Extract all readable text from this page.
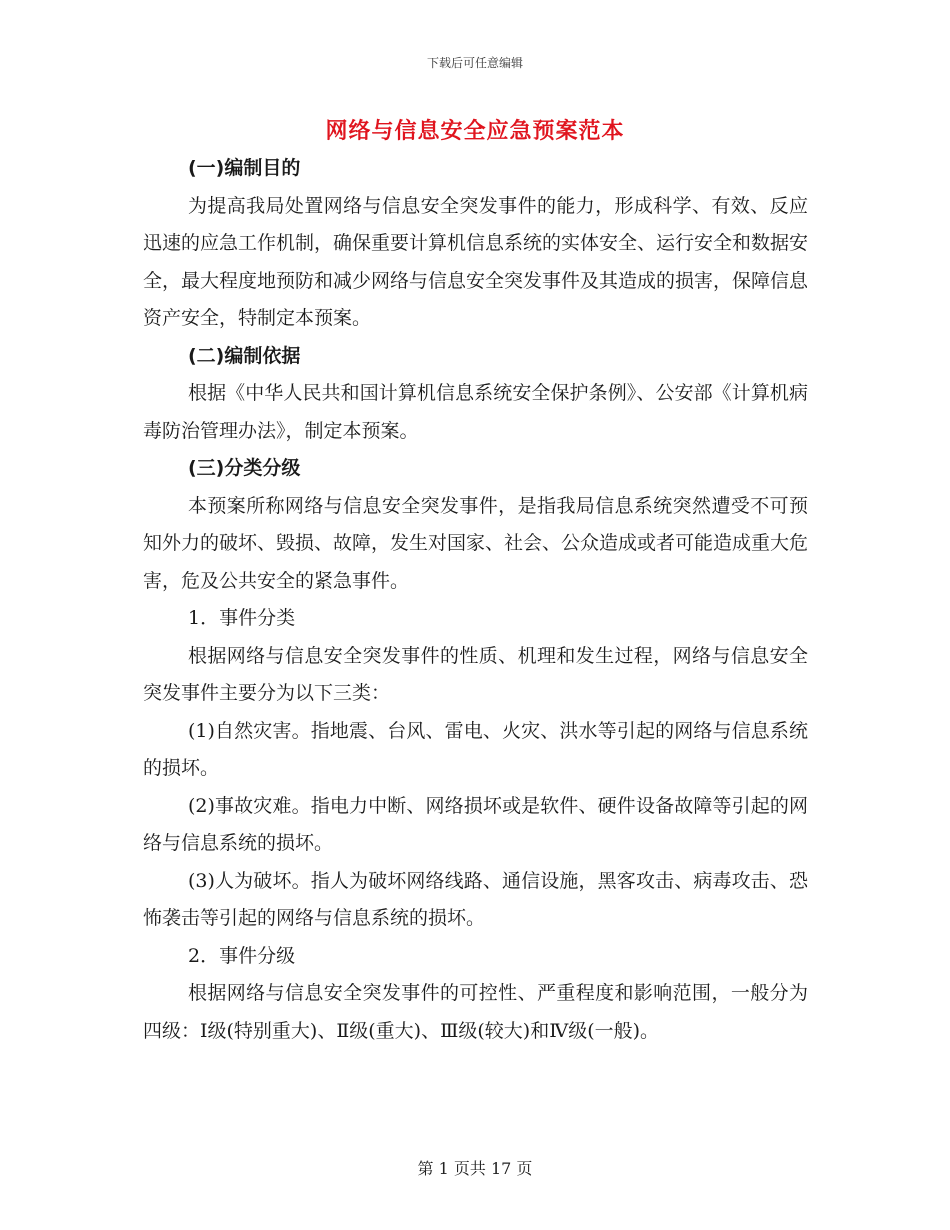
下载后可任意编辑
网络与信息安全应急预案范本

(一)编制目的

为提高我局处置网络与信息安全突发事件的能力，形成科学、有效、反应迅速的应急工作机制，确保重要计算机信息系统的实体安全、运行安全和数据安全，最大程度地预防和减少网络与信息安全突发事件及其造成的损害，保障信息资产安全，特制定本预案。

(二)编制依据

根据《中华人民共和国计算机信息系统安全保护条例》、公安部《计算机病毒防治管理办法》，制定本预案。

(三)分类分级

本预案所称网络与信息安全突发事件，是指我局信息系统突然遭受不可预知外力的破坏、毁损、故障，发生对国家、社会、公众造成或者可能造成重大危害，危及公共安全的紧急事件。

1．事件分类

根据网络与信息安全突发事件的性质、机理和发生过程，网络与信息安全突发事件主要分为以下三类：

(1)自然灾害。指地震、台风、雷电、火灾、洪水等引起的网络与信息系统的损坏。

(2)事故灾难。指电力中断、网络损坏或是软件、硬件设备故障等引起的网络与信息系统的损坏。

(3)人为破坏。指人为破坏网络线路、通信设施，黑客攻击、病毒攻击、恐怖袭击等引起的网络与信息系统的损坏。

2．事件分级

根据网络与信息安全突发事件的可控性、严重程度和影响范围，一般分为四级：Ⅰ级(特别重大)、Ⅱ级(重大)、Ⅲ级(较大)和Ⅳ级(一般)。

第 1 页共 17 页
